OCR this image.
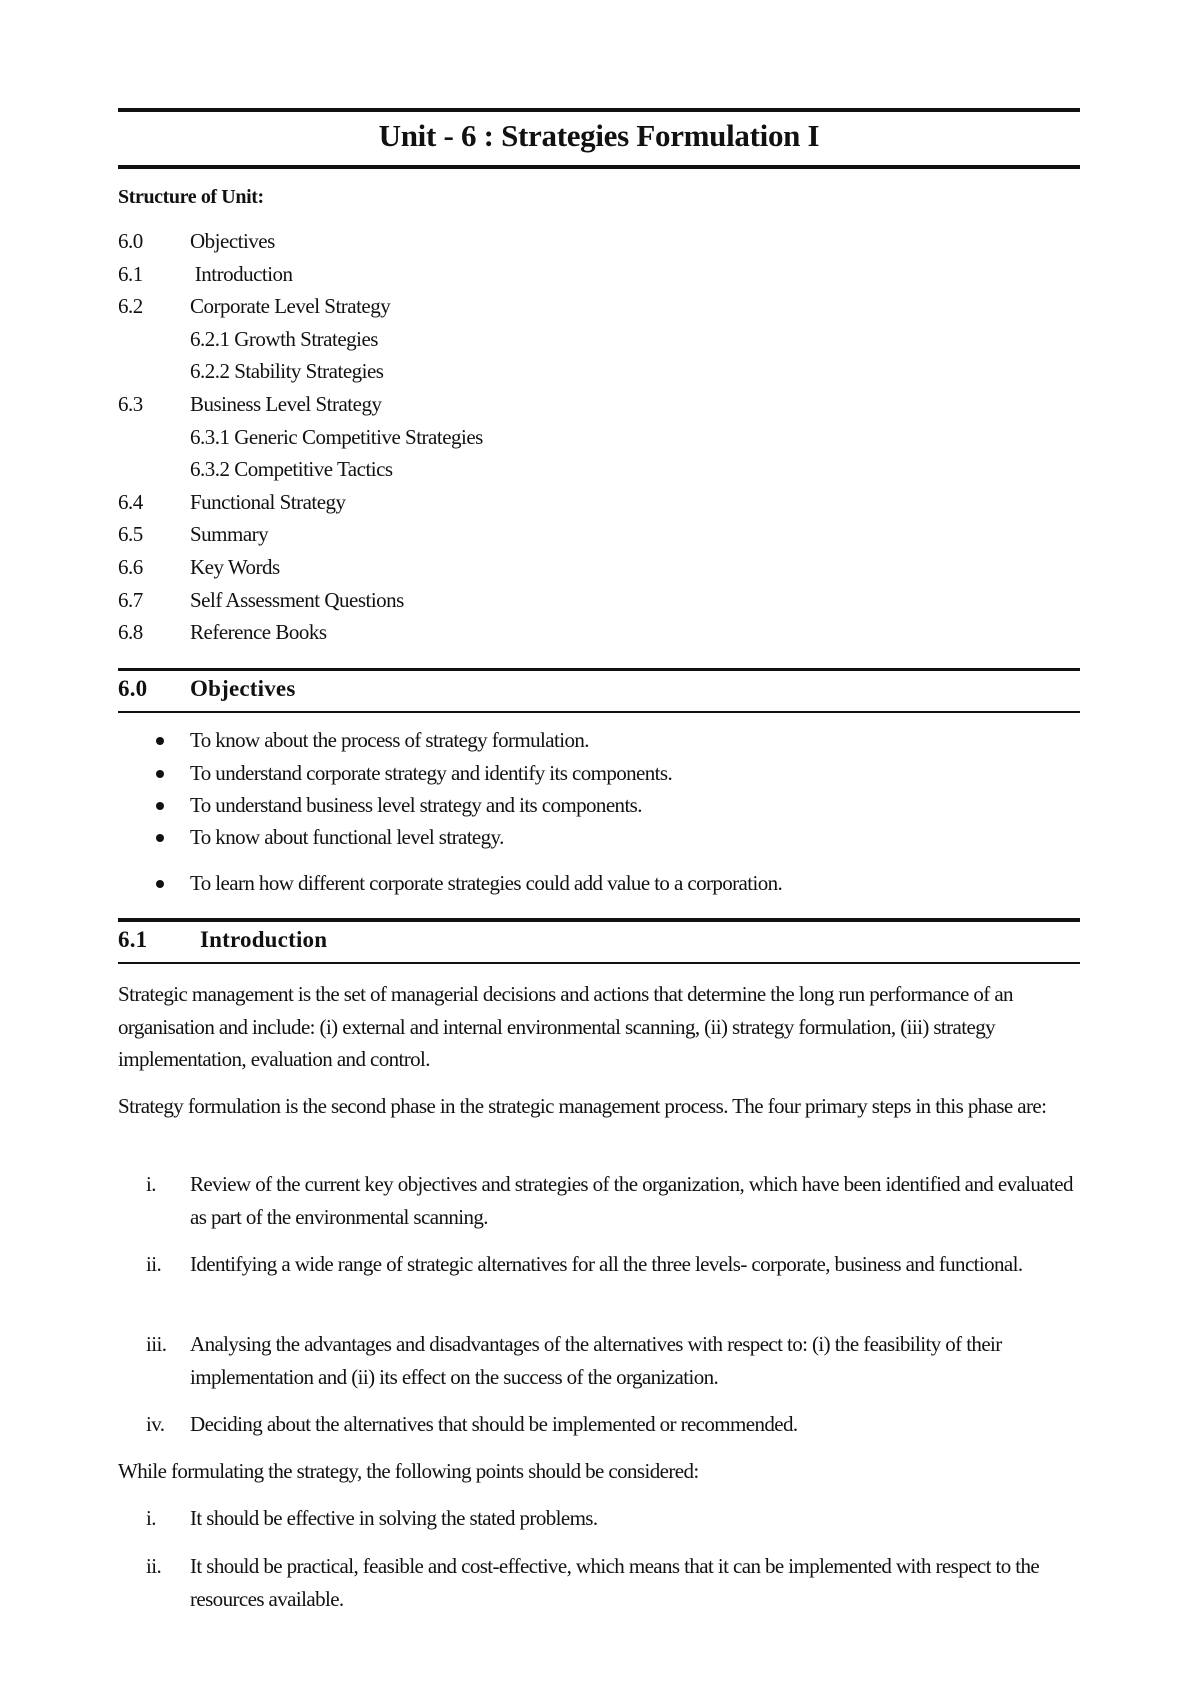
Unit - 6 : Strategies Formulation I
Structure of Unit:
6.0 Objectives
6.1 Introduction
6.2 Corporate Level Strategy
6.2.1 Growth Strategies
6.2.2 Stability Strategies
6.3 Business Level Strategy
6.3.1 Generic Competitive Strategies
6.3.2 Competitive Tactics
6.4 Functional Strategy
6.5 Summary
6.6 Key Words
6.7 Self Assessment Questions
6.8 Reference Books
6.0 Objectives
To know about the process of strategy formulation.
To understand corporate strategy and identify its components.
To understand business level strategy and its components.
To know about functional level strategy.
To learn how different corporate strategies could add value to a corporation.
6.1 Introduction
Strategic management is the set of managerial decisions and actions that determine the long run performance of an organisation and include: (i) external and internal environmental scanning, (ii) strategy formulation, (iii) strategy implementation, evaluation and control.
Strategy formulation is the second phase in the strategic management process. The four primary steps in this phase are:
i. Review of the current key objectives and strategies of the organization, which have been identified and evaluated as part of the environmental scanning.
ii. Identifying a wide range of strategic alternatives for all the three levels- corporate, business and functional.
iii. Analysing the advantages and disadvantages of the alternatives with respect to: (i) the feasibility of their implementation and (ii) its effect on the success of the organization.
iv. Deciding about the alternatives that should be implemented or recommended.
While formulating the strategy, the following points should be considered:
i. It should be effective in solving the stated problems.
ii. It should be practical, feasible and cost-effective, which means that it can be implemented with respect to the resources available.
